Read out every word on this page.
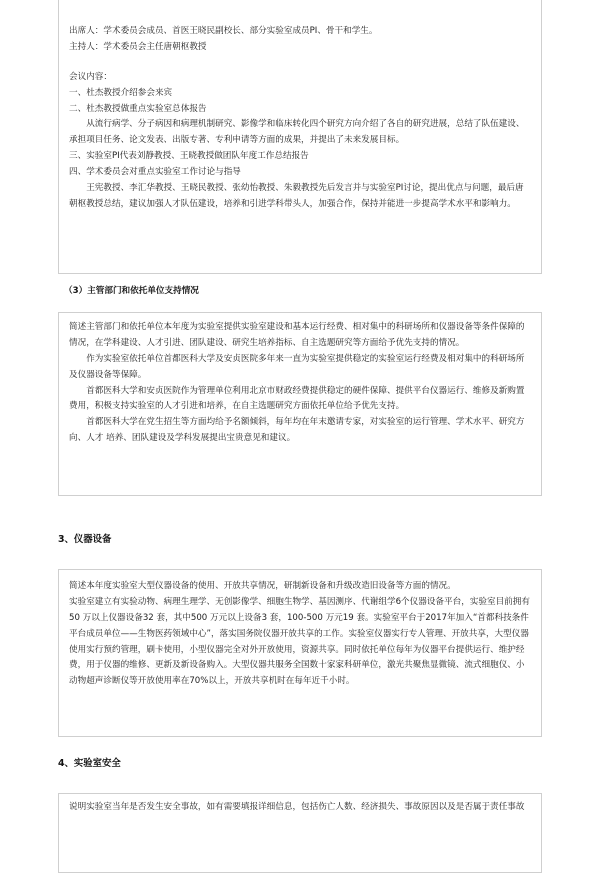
出席人：学术委员会成员、首医王晓民副校长、部分实验室成员PI、骨干和学生。

主持人：学术委员会主任唐朝枢教授

会议内容：

一、杜杰教授介绍参会来宾

二、杜杰教授做重点实验室总体报告

从流行病学、分子病因和病理机制研究、影像学和临床转化四个研究方向介绍了各自的研究进展，总结了队伍建设、承担项目任务、论文发表、出版专著、专利申请等方面的成果，并提出了未来发展目标。

三、实验室PI代表刘静教授、王晓教授做团队年度工作总结报告

四、学术委员会对重点实验室工作讨论与指导

王宪教授、李汇华教授、王晓民教授、张幼怡教授、朱毅教授先后发言并与实验室PI讨论，提出优点与问题，最后唐朝枢教授总结，建议加强人才队伍建设，培养和引进学科带头人，加强合作，保持并能进一步提高学术水平和影响力。

（3）主管部门和依托单位支持情况

简述主管部门和依托单位本年度为实验室提供实验室建设和基本运行经费、相对集中的科研场所和仪器设备等条件保障的情况，在学科建设、人才引进、团队建设、研究生培养指标、自主选题研究等方面给予优先支持的情况。

作为实验室依托单位首都医科大学及安贞医院多年来一直为实验室提供稳定的实验室运行经费及相对集中的科研场所及仪器设备等保障。

首都医科大学和安贞医院作为管理单位利用北京市财政经费提供稳定的硬件保障、提供平台仪器运行、维修及新购置费用，积极支持实验室的人才引进和培养，在自主选题研究方面依托单位给予优先支持。

首都医科大学在党生招生等方面均给予名额倾斜，每年均在年末邀请专家，对实验室的运行管理、学术水平、研究方向、人才 培养、团队建设及学科发展提出宝贵意见和建议。

3、仪器设备

简述本年度实验室大型仪器设备的使用、开放共享情况，研制新设备和升级改造旧设备等方面的情况。

实验室建立有实验动物、病理生理学、无创影像学、细胞生物学、基因测序、代谢组学6个仪器设备平台，实验室目前拥有50 万以上仪器设备32 套，其中500 万元以上设备3 套，100-500 万元19 套。实验室平台于2017年加入“首都科技条件平台成员单位——生物医药领域中心”，落实国务院仪器开放共享的工作。实验室仪器实行专人管理、开放共享，大型仪器使用实行预约管理，刷卡使用，小型仪器完全对外开放使用，资源共享。同时依托单位每年为仪器平台提供运行、维护经费，用于仪器的维修、更新及新设备购入。大型仪器共服务全国数十家家科研单位，激光共聚焦显微镜、流式细胞仪、小动物超声诊断仪等开放使用率在70%以上，开放共享机时在每年近千小时。

4、实验室安全

说明实验室当年是否发生安全事故，如有需要填报详细信息，包括伤亡人数、经济损失、事故原因以及是否属于责任事故
